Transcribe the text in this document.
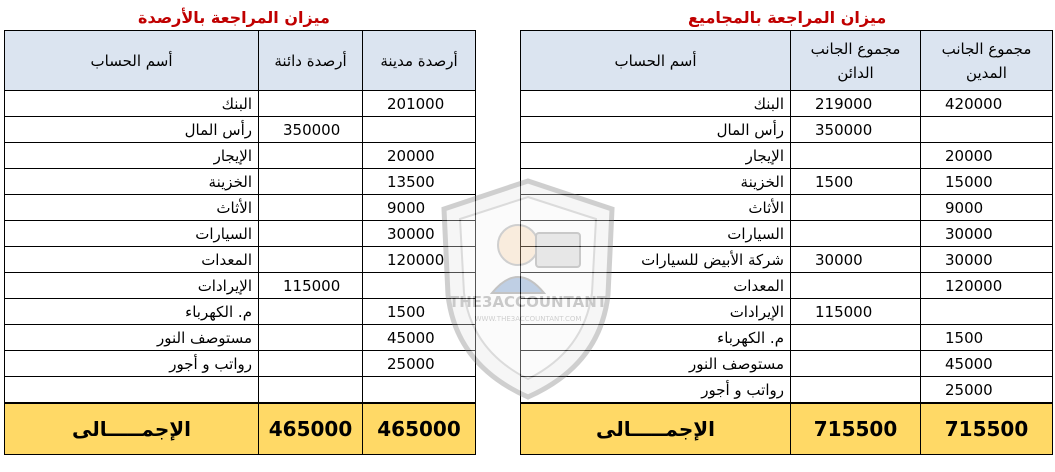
ميزان المراجعة بالأرصدة	ميزان المراجعة بالمجاميع
أرصدة مدينة	أرصدة دائنة	أسم الحساب
201000		البنك
	350000	رأس المال
20000		الإيجار
13500		الخزينة
9000		الأثاث
30000		السيارات
120000		المعدات
	115000	الإيرادات
1500		م. الكهرباء
45000		مستوصف النور
25000		رواتب و أجور

465000	465000	الإجمـــــالى
مجموع الجانب المدين	مجموع الجانب الدائن	أسم الحساب
420000	219000	البنك
	350000	رأس المال
20000		الإيجار
15000	1500	الخزينة
9000		الأثاث
30000		السيارات
30000	30000	شركة الأبيض للسيارات
120000		المعدات
	115000	الإيرادات
1500		م. الكهرباء
45000		مستوصف النور
25000		رواتب و أجور
715500	715500	الإجمـــــالى
THE3ACCOUNTANT
WWW.THE3ACCOUNTANT.COM
